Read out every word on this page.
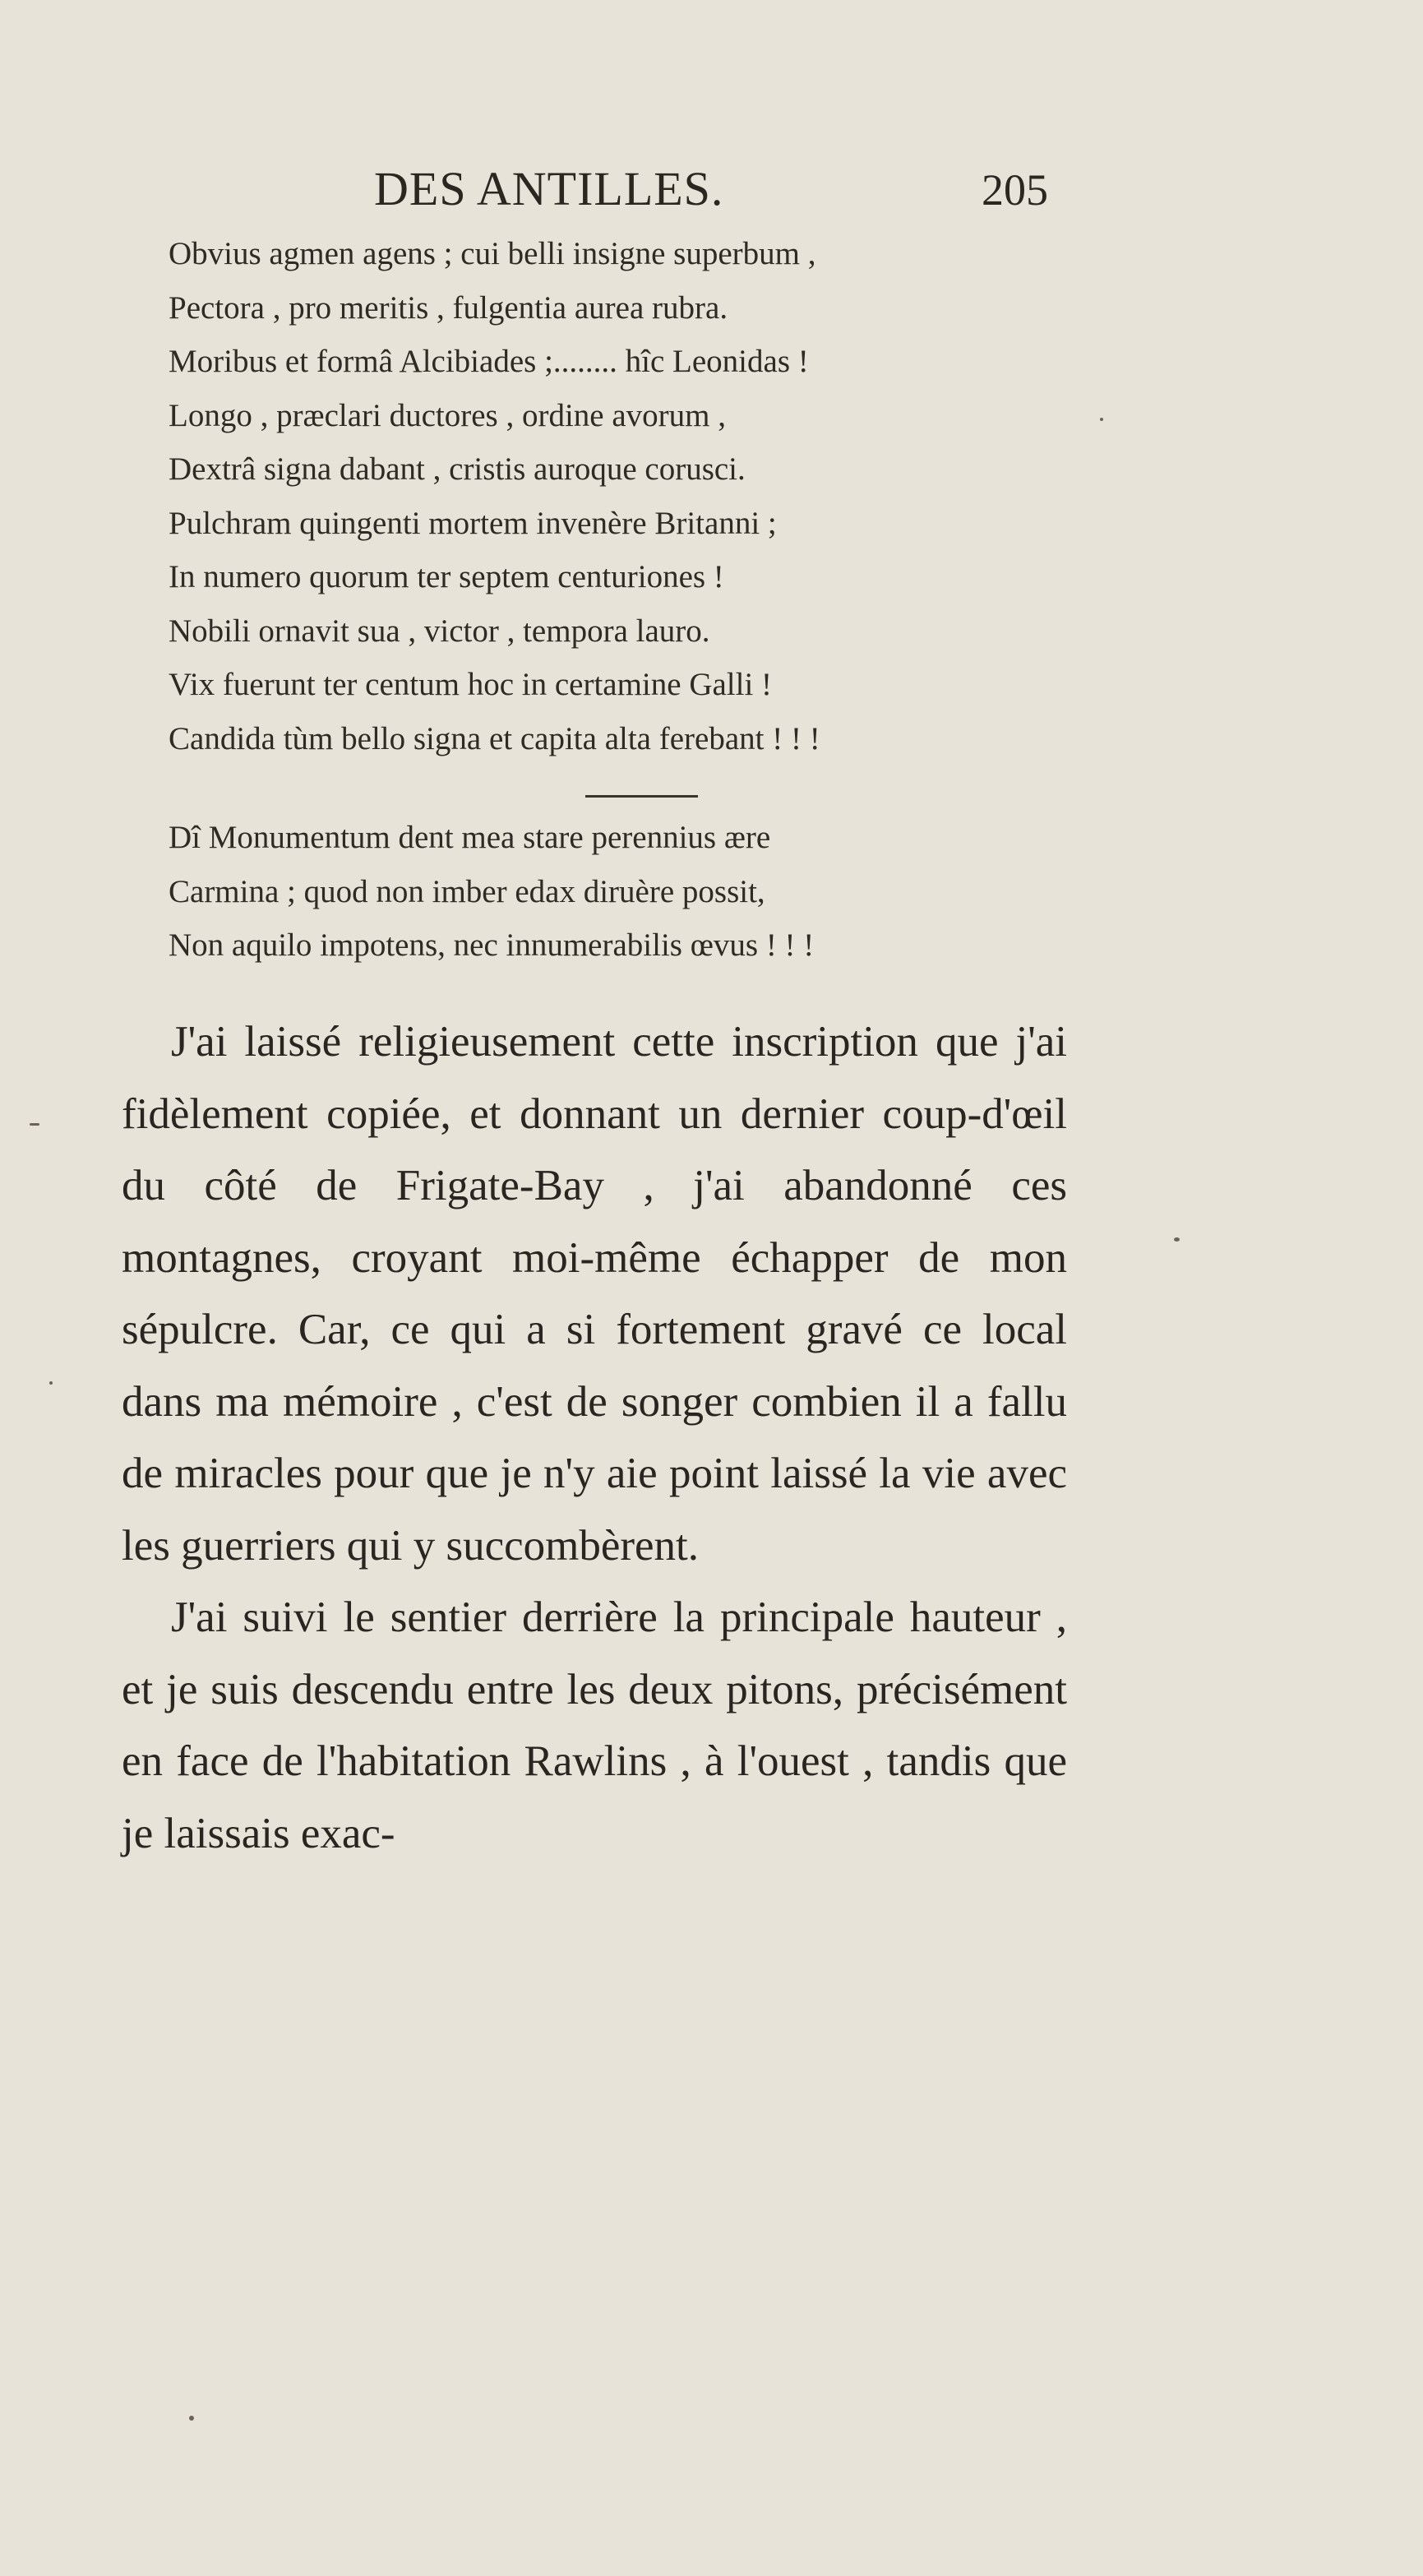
DES ANTILLES.	205
Obvius agmen agens ; cui belli insigne superbum ,
Pectora , pro meritis , fulgentia aurea rubra.
Moribus et formâ Alcibiades ;........ hîc Leonidas !
Longo , præclari ductores , ordine avorum ,
Dextrâ signa dabant , cristis auroque corusci.
Pulchram quingenti mortem invenère Britanni ;
In numero quorum ter septem centuriones !
Nobili ornavit sua , victor , tempora lauro.
Vix fuerunt ter centum hoc in certamine Galli !
Candida tùm bello signa et capita alta ferebant ! ! !
Dî Monumentum dent mea stare perennius ære
Carmina ; quod non imber edax diruère possit,
Non aquilo impotens, nec innumerabilis œvus ! ! !

J'ai laissé religieusement cette inscription que j'ai fidèlement copiée, et donnant un dernier coup-d'œil du côté de Frigate-Bay , j'ai abandonné ces montagnes, croyant moi-même échapper de mon sépulcre. Car, ce qui a si fortement gravé ce local dans ma mémoire , c'est de songer combien il a fallu de miracles pour que je n'y aie point laissé la vie avec les guerriers qui y succombèrent.

J'ai suivi le sentier derrière la principale hauteur , et je suis descendu entre les deux pitons, précisément en face de l'habitation Rawlins , à l'ouest , tandis que je laissais exac-
